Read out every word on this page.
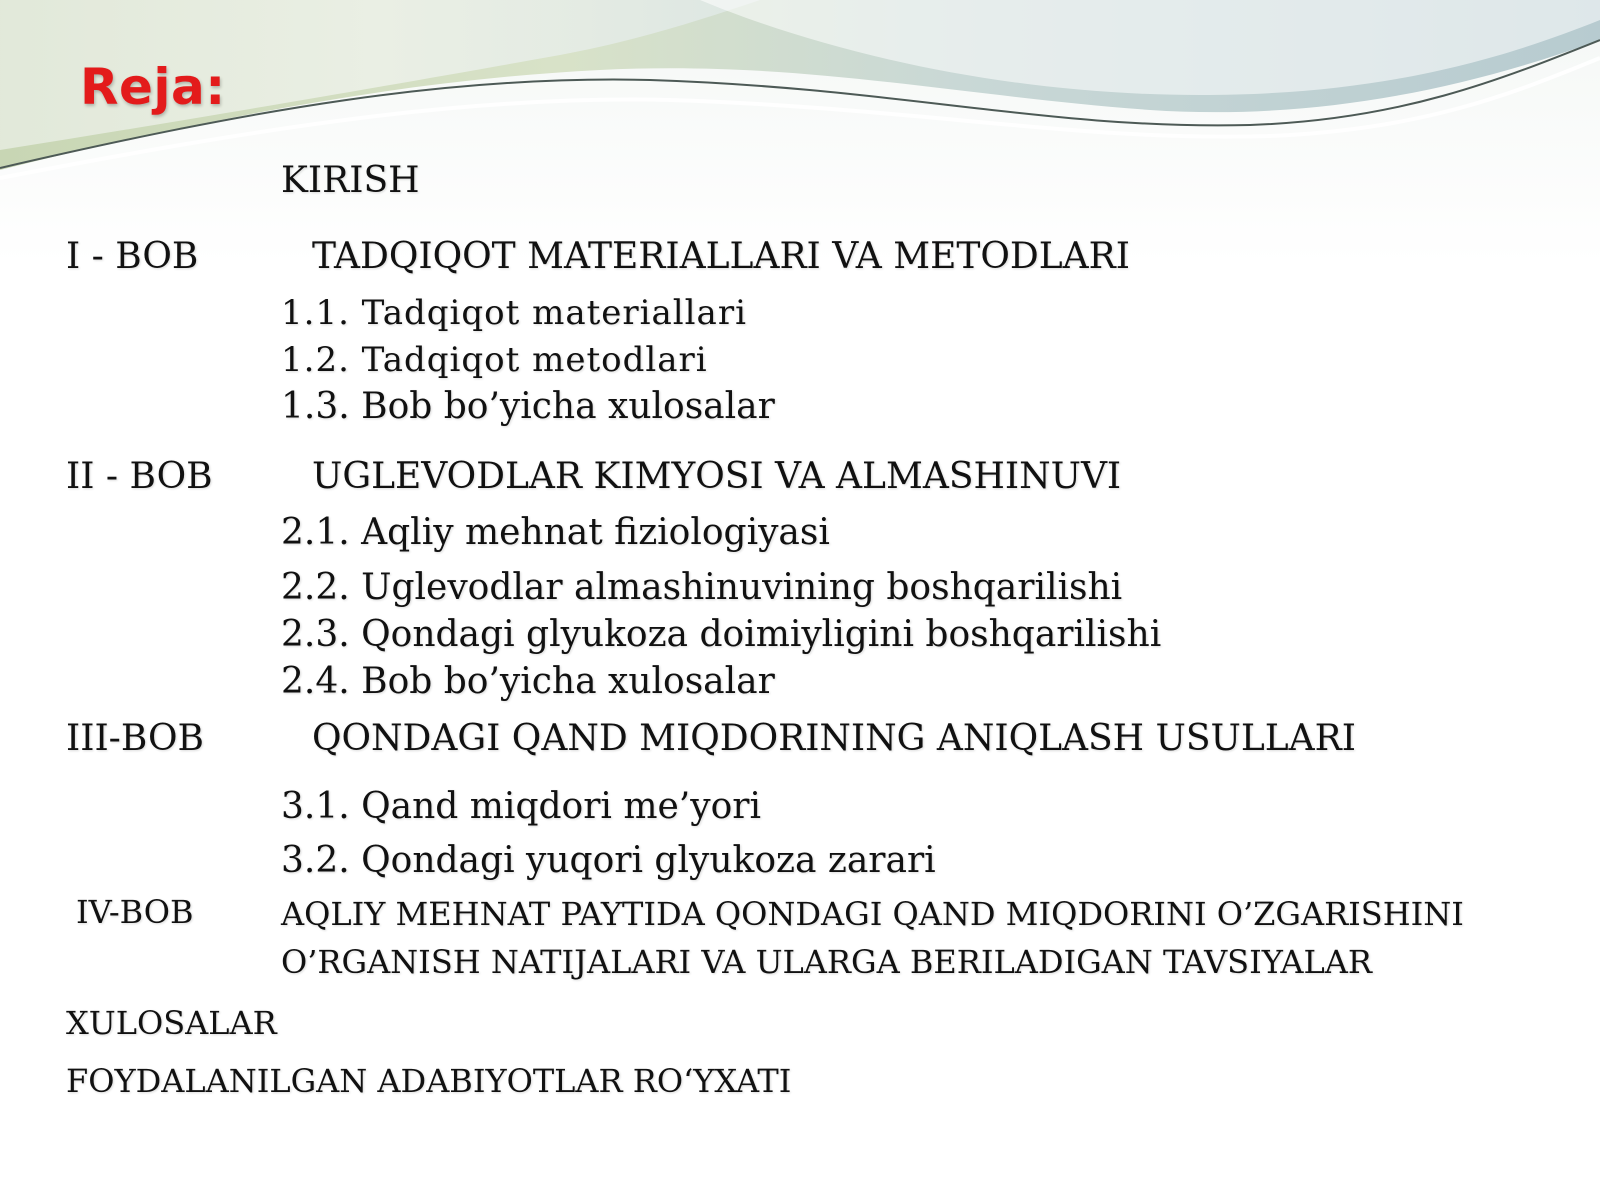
Reja:
KIRISH
I - BOB	TADQIQOT MATERIALLARI VA METODLARI
1.1. Tadqiqot materiallari
1.2. Tadqiqot metodlari
1.3. Bob bo’yicha xulosalar
II - BOB	UGLEVODLAR KIMYOSI VA ALMASHINUVI
2.1. Aqliy mehnat fiziologiyasi
2.2. Uglevodlar almashinuvining boshqarilishi
2.3. Qondagi glyukoza doimiyligini boshqarilishi
2.4. Bob bo’yicha xulosalar
III-BOB	QONDAGI QAND MIQDORINING ANIQLASH USULLARI
3.1. Qand miqdori me’yori
3.2. Qondagi yuqori glyukoza zarari
IV-BOB	AQLIY MEHNAT PAYTIDA QONDAGI QAND MIQDORINI O’ZGARISHINI
O’RGANISH NATIJALARI VA ULARGA BERILADIGAN TAVSIYALAR
XULOSALAR
FOYDALANILGAN ADABIYOTLAR RO‘YXATI
